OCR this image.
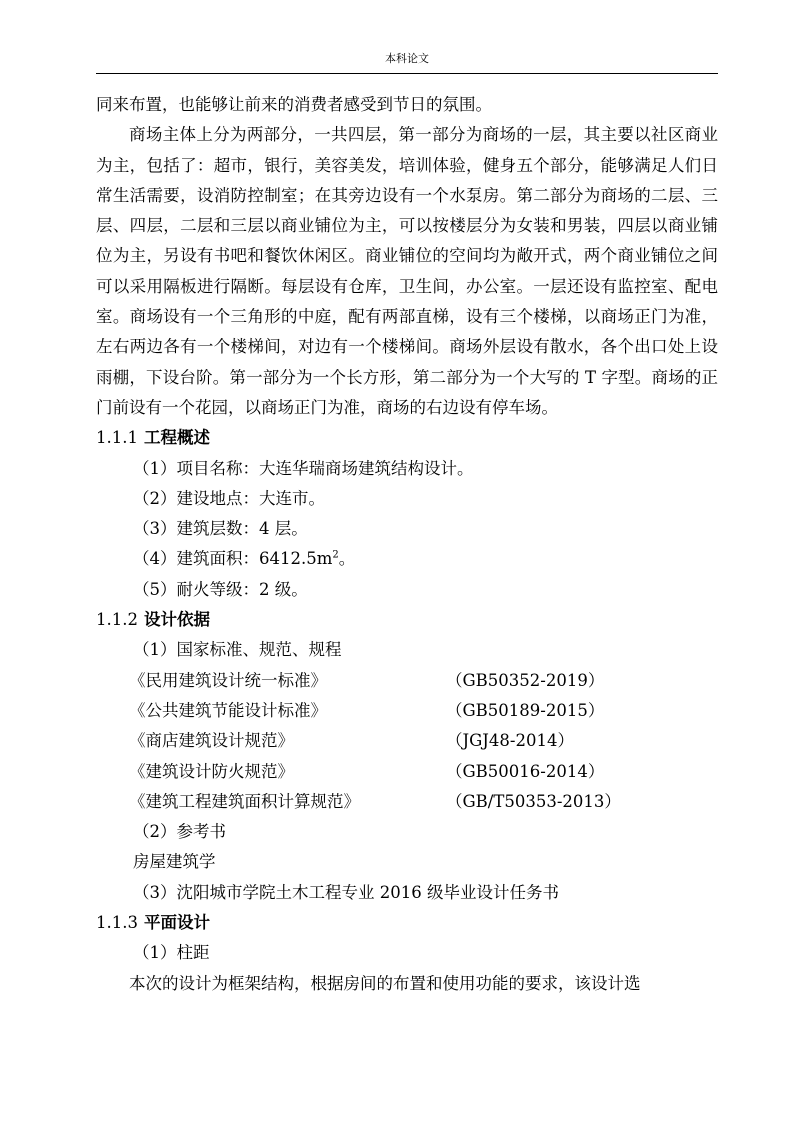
本科论文
同来布置，也能够让前来的消费者感受到节日的氛围。
商场主体上分为两部分，一共四层，第一部分为商场的一层，其主要以社区商业为主，包括了：超市，银行，美容美发，培训体验，健身五个部分，能够满足人们日常生活需要，设消防控制室；在其旁边设有一个水泵房。第二部分为商场的二层、三层、四层，二层和三层以商业铺位为主，可以按楼层分为女装和男装，四层以商业铺位为主，另设有书吧和餐饮休闲区。商业铺位的空间均为敞开式，两个商业铺位之间可以采用隔板进行隔断。每层设有仓库，卫生间，办公室。一层还设有监控室、配电室。商场设有一个三角形的中庭，配有两部直梯，设有三个楼梯，以商场正门为准，左右两边各有一个楼梯间，对边有一个楼梯间。商场外层设有散水，各个出口处上设雨棚，下设台阶。第一部分为一个长方形，第二部分为一个大写的 T 字型。商场的正门前设有一个花园，以商场正门为准，商场的右边设有停车场。
1.1.1 工程概述
（1）项目名称：大连华瑞商场建筑结构设计。
（2）建设地点：大连市。
（3）建筑层数：4 层。
（4）建筑面积：$6412.5m^2$。
（5）耐火等级：2 级。
1.1.2 设计依据
（1）国家标准、规范、规程
《民用建筑设计统一标准》	（GB50352-2019）
《公共建筑节能设计标准》	（GB50189-2015）
《商店建筑设计规范》	（JGJ48-2014）
《建筑设计防火规范》	（GB50016-2014）
《建筑工程建筑面积计算规范》	（GB/T50353-2013）
（2）参考书
房屋建筑学
（3）沈阳城市学院土木工程专业 2016 级毕业设计任务书
1.1.3 平面设计
（1）柱距
本次的设计为框架结构，根据房间的布置和使用功能的要求，该设计选
